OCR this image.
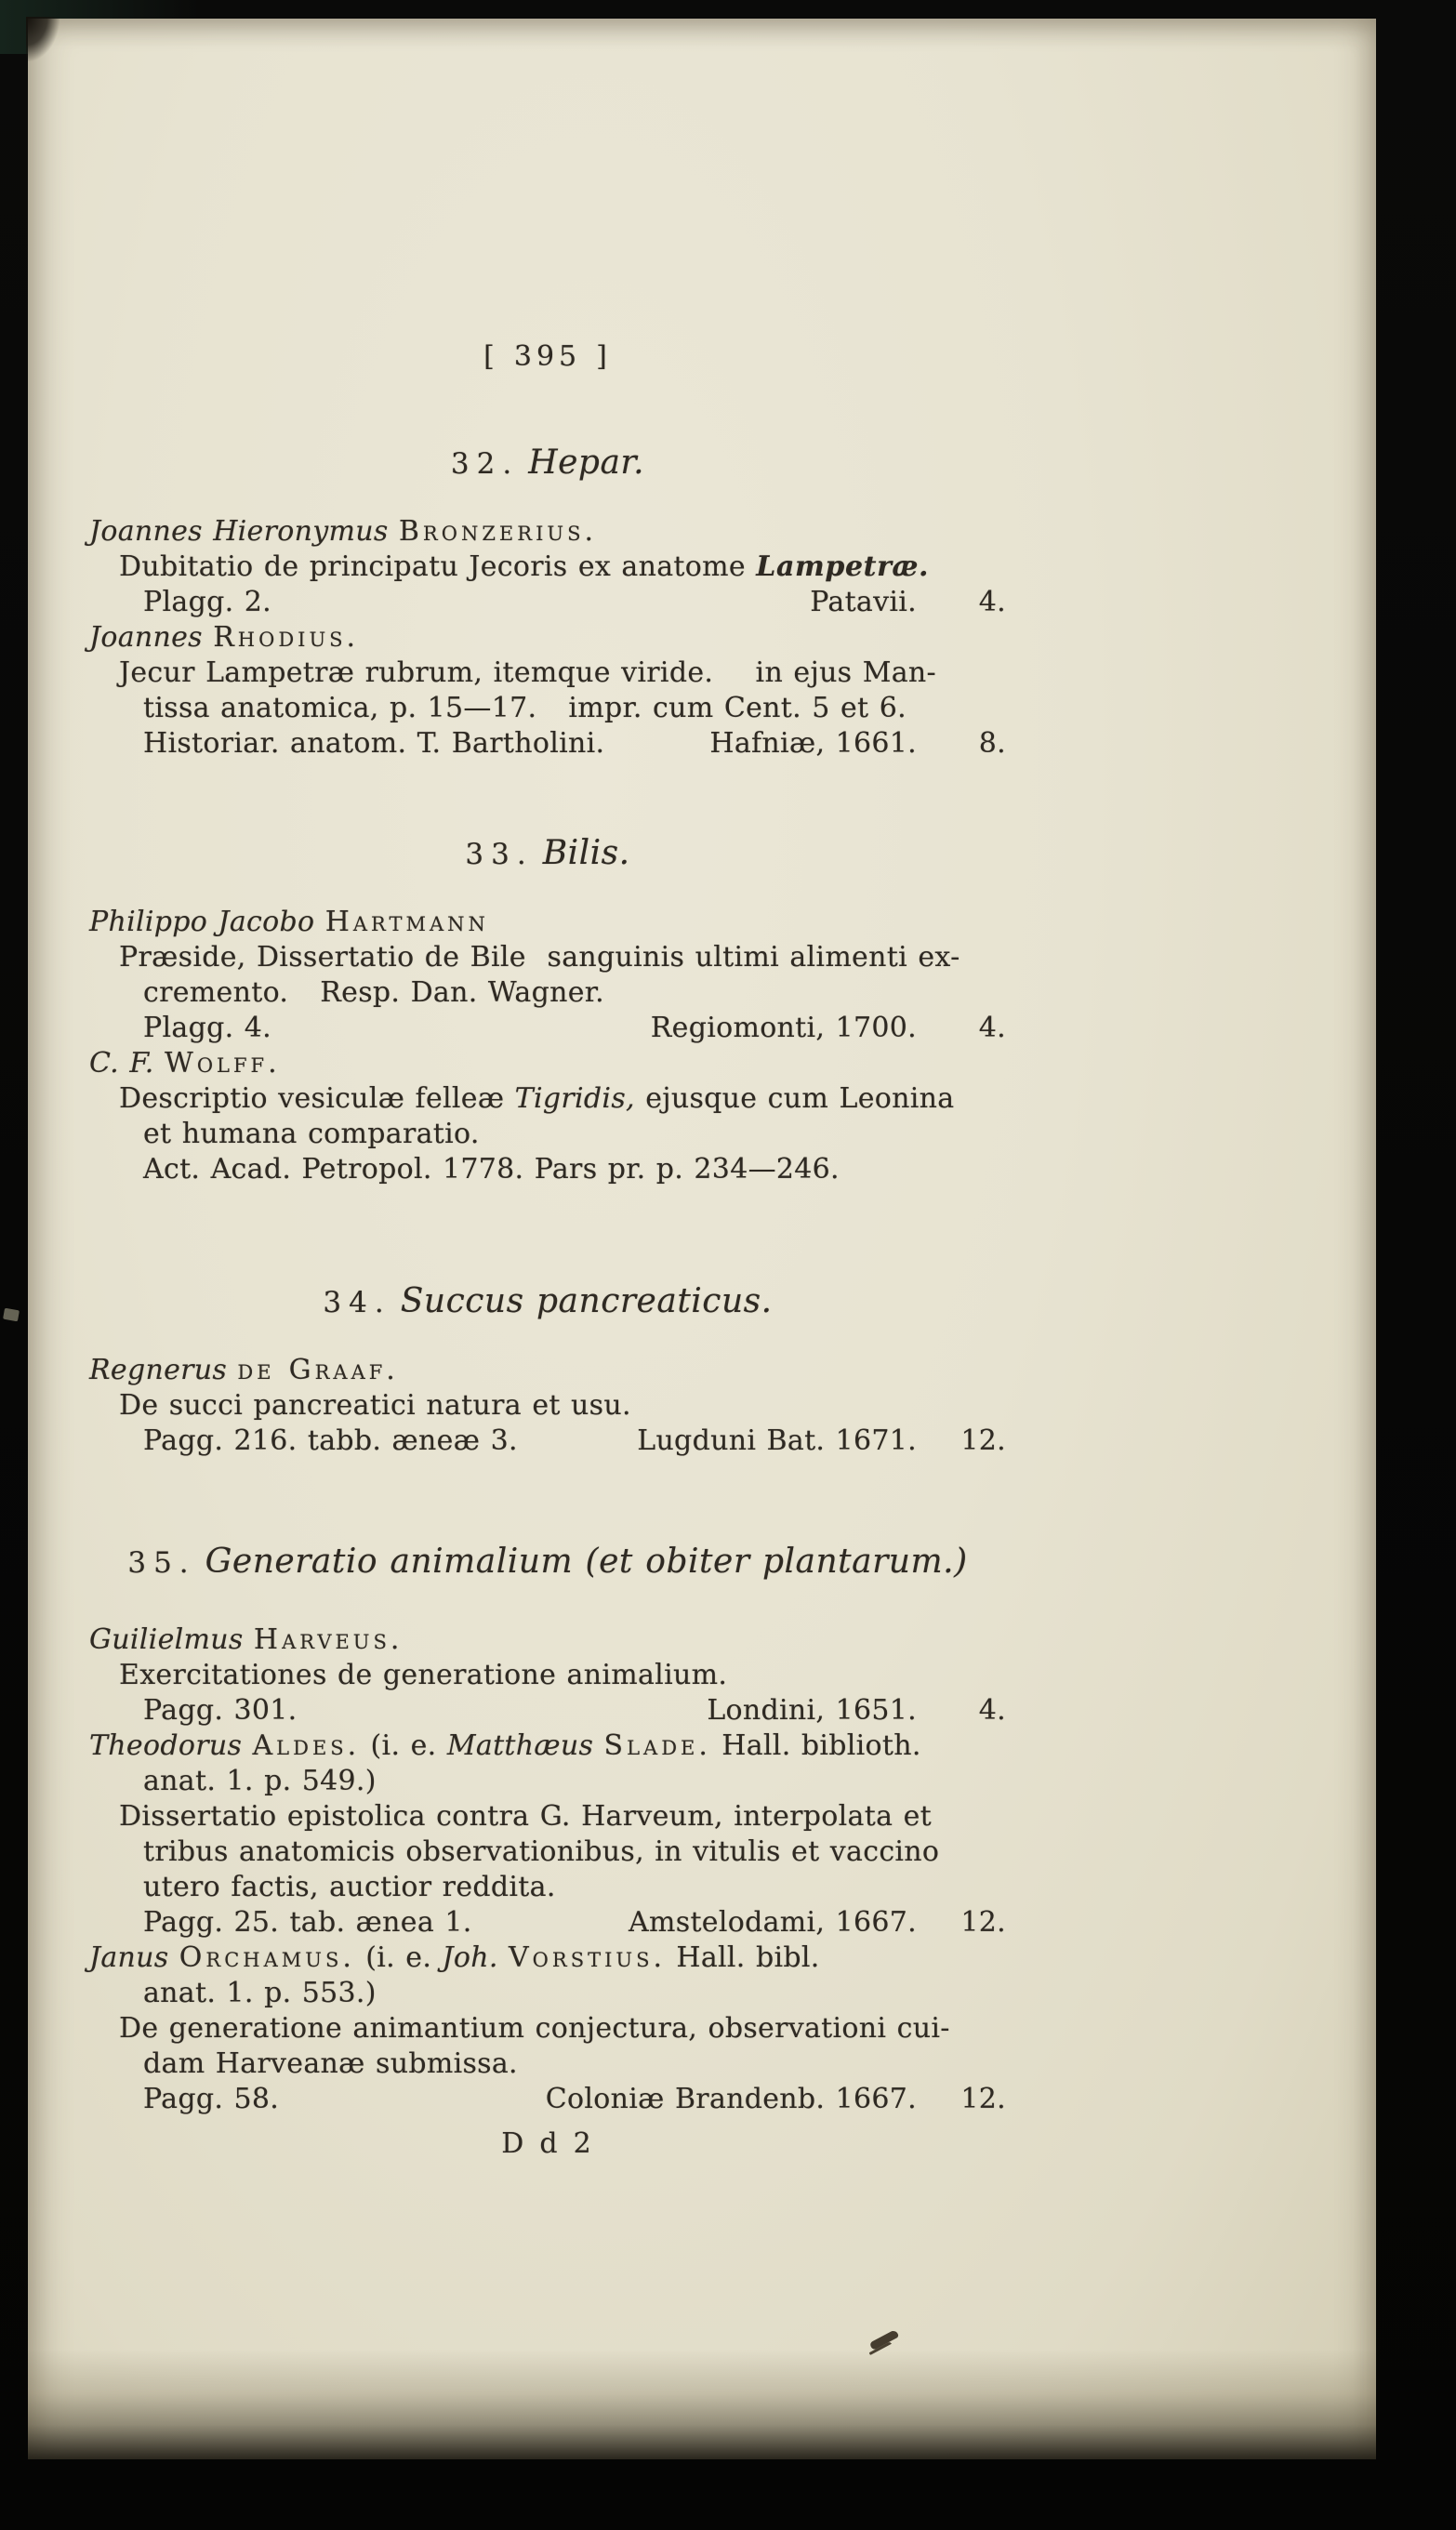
[ 395 ]
32. Hepar.
Joannes Hieronymus Bronzerius.
Dubitatio de principatu Jecoris ex anatome Lampetræ.
Plagg. 2.	Patavii.	4.
Joannes Rhodius.
Jecur Lampetræ rubrum, itemque viride.    in ejus Man-
tissa anatomica, p. 15—17.   impr. cum Cent. 5 et 6.
Historiar. anatom. T. Bartholini.	Hafniæ, 1661.	8.
33. Bilis.
Philippo Jacobo Hartmann
Præside, Dissertatio de Bile  sanguinis ultimi alimenti ex-
cremento.   Resp. Dan. Wagner.
Plagg. 4.	Regiomonti, 1700.	4.
C. F. Wolff.
Descriptio vesiculæ felleæ Tigridis, ejusque cum Leonina
et humana comparatio.
Act. Acad. Petropol. 1778. Pars pr. p. 234—246.
34. Succus pancreaticus.
Regnerus de Graaf.
De succi pancreatici natura et usu.
Pagg. 216. tabb. æneæ 3.	Lugduni Bat. 1671. 12.
35. Generatio animalium (et obiter plantarum.)
Guilielmus Harveus.
Exercitationes de generatione animalium.
Pagg. 301.	Londini, 1651.	4.
Theodorus Aldes. (i. e. Matthæus Slade. Hall. biblioth.
anat. 1. p. 549.)
Dissertatio epistolica contra G. Harveum, interpolata et
tribus anatomicis observationibus, in vitulis et vaccino
utero factis, auctior reddita.
Pagg. 25. tab. ænea 1.	Amstelodami, 1667. 12.
Janus Orchamus. (i. e. Joh. Vorstius. Hall. bibl.
anat. 1. p. 553.)
De generatione animantium conjectura, observationi cui-
dam Harveanæ submissa.
Pagg. 58.	Coloniæ Brandenb. 1667. 12.
D d 2
